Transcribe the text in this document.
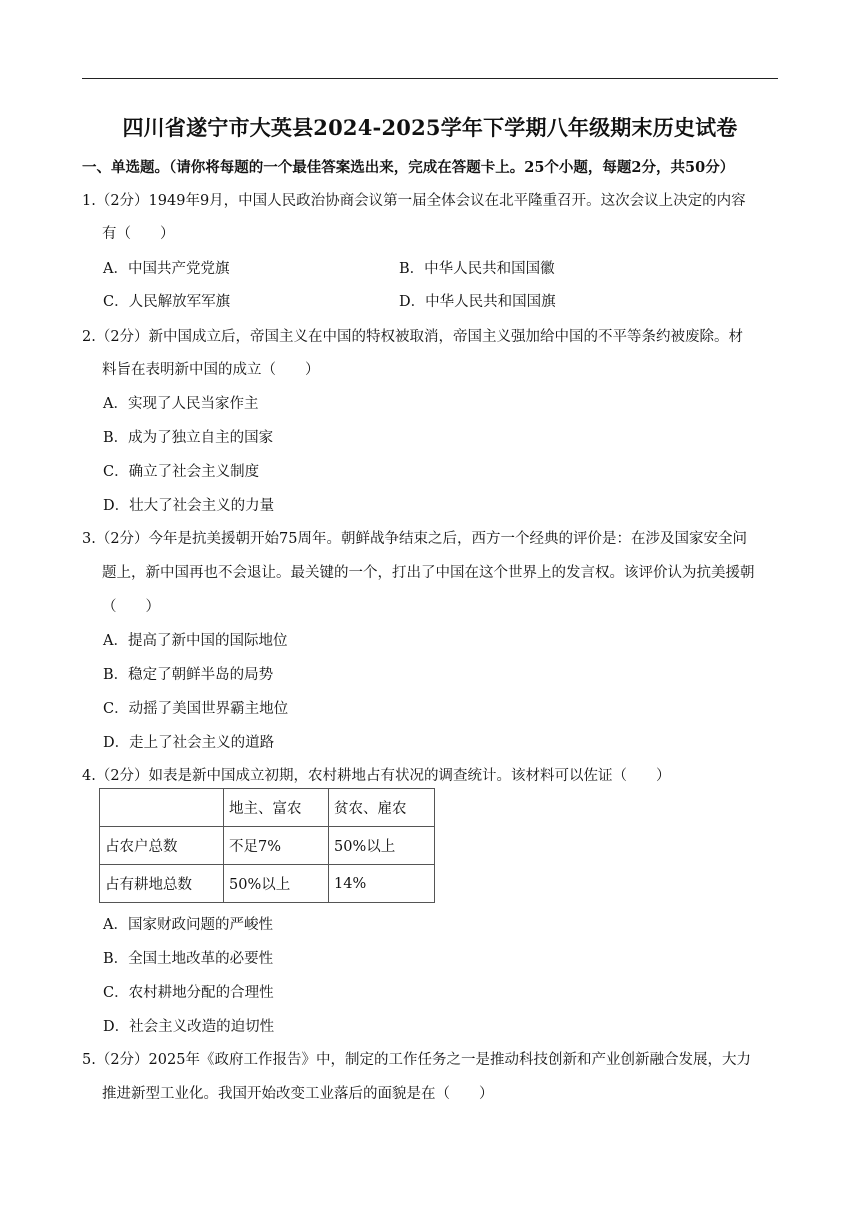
四川省遂宁市大英县2024-2025学年下学期八年级期末历史试卷
一、单选题。（请你将每题的一个最佳答案选出来，完成在答题卡上。25个小题，每题2分，共50分）
1.（2分）1949年9月，中国人民政治协商会议第一届全体会议在北平隆重召开。这次会议上决定的内容
有（　　）
A．中国共产党党旗	B．中华人民共和国国徽
C．人民解放军军旗	D．中华人民共和国国旗
2.（2分）新中国成立后，帝国主义在中国的特权被取消，帝国主义强加给中国的不平等条约被废除。材
料旨在表明新中国的成立（　　）
A．实现了人民当家作主
B．成为了独立自主的国家
C．确立了社会主义制度
D．壮大了社会主义的力量
3.（2分）今年是抗美援朝开始75周年。朝鲜战争结束之后，西方一个经典的评价是：在涉及国家安全问
题上，新中国再也不会退让。最关键的一个，打出了中国在这个世界上的发言权。该评价认为抗美援朝
（　　）
A．提高了新中国的国际地位
B．稳定了朝鲜半岛的局势
C．动摇了美国世界霸主地位
D．走上了社会主义的道路
4.（2分）如表是新中国成立初期，农村耕地占有状况的调查统计。该材料可以佐证（　　）
	地主、富农	贫农、雇农
占农户总数	不足7%	50%以上
占有耕地总数	50%以上	14%
A．国家财政问题的严峻性
B．全国土地改革的必要性
C．农村耕地分配的合理性
D．社会主义改造的迫切性
5.（2分）2025年《政府工作报告》中，制定的工作任务之一是推动科技创新和产业创新融合发展，大力
推进新型工业化。我国开始改变工业落后的面貌是在（　　）
